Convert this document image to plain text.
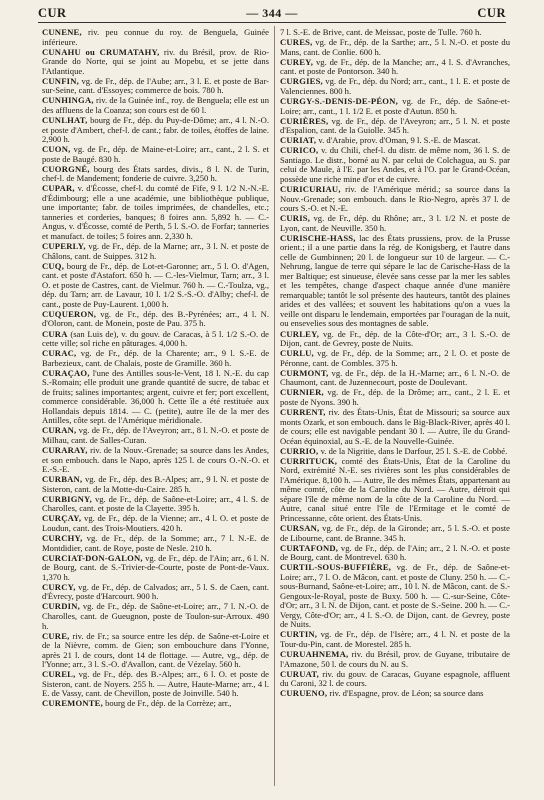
CUR	— 344 —	CUR

CUNENE, riv. peu connue du roy. de Benguela, Guinée inférieure.

CUNAHU ou CRUMATAHY, riv. du Brésil, prov. de Rio-Grande do Norte, qui se joint au Mopebu, et se jette dans l'Atlantique.

CUNFIN, vg. de Fr., dép. de l'Aube; arr., 3 l. E. et poste de Bar-sur-Seine, cant. d'Essoyes; commerce de bois. 780 h.

CUNHINGA, riv. de la Guinée inf., roy. de Benguela; elle est un des affluens de la Coanza; son cours est de 60 l.

CUNLHAT, bourg de Fr., dép. du Puy-de-Dôme; arr., 4 l. N.-O. et poste d'Ambert, chef-l. de cant.; fabr. de toiles, étoffes de laine. 2,900 h.

CUON, vg. de Fr., dép. de Maine-et-Loire; arr., cant., 2 l. S. et poste de Baugé. 830 h.

CUORGNÉ, bourg des États sardes, divis., 8 l. N. de Turin, chef-l. de Mandement; fonderie de cuivre. 3,250 h.

CUPAR, v. d'Écosse, chef-l. du comté de Fife, 9 l. 1/2 N.-N.-E. d'Édimbourg; elle a une académie, une bibliothèque publique, une importante; fabr. de toiles imprimées, de chandelles, etc.; tanneries et corderies, banques; 8 foires ann. 5,892 h. — C.-Angus, v. d'Écosse, comté de Perth, 5 l. S.-O. de Forfar; tanneries et manufact. de toiles; 5 foires ann. 2,330 h.

CUPERLY, vg. de Fr., dép. de la Marne; arr., 3 l. N. et poste de Châlons, cant. de Suippes. 312 h.

CUQ, bourg de Fr., dép. de Lot-et-Garonne; arr., 5 l. O. d'Agen, cant. et poste d'Astafort. 650 h. — C.-les-Vielmur, Tarn; arr., 3 l. O. et poste de Castres, cant. de Vielmur. 760 h. — C.-Toulza, vg., dép. du Tarn; arr. de Lavaur, 10 l. 1/2 S.-S.-O. d'Alby; chef-l. de cant., poste de Puy-Laurent. 1,000 h.

CUQUERON, vg. de Fr., dép. des B.-Pyrénées; arr., 4 l. N. d'Oloron, cant. de Monein, poste de Pau. 375 h.

CURA (san Luis de), v. du gouv. de Caracas, à 5 l. 1/2 S.-O. de cette ville; sol riche en pâturages. 4,000 h.

CURAC, vg. de Fr., dép. de la Charente; arr., 9 l. S.-E. de Barbezieux, cant. de Chalais, poste de Gramille. 360 h.

CURAÇAO, l'une des Antilles sous-le-Vent, 18 l. N.-E. du cap S.-Romain; elle produit une grande quantité de sucre, de tabac et de fruits; salines importantes; argent, cuivre et fer; port excellent, commerce considérable. 36,000 h. Cette île a été restituée aux Hollandais depuis 1814. — C. (petite), autre île de la mer des Antilles, côte sept. de l'Amérique méridionale.

CURAN, vg. de Fr., dép. de l'Aveyron; arr., 8 l. N.-O. et poste de Milhau, cant. de Salles-Curan.

CURARAY, riv. de la Nouv.-Grenade; sa source dans les Andes, et son embouch. dans le Napo, après 125 l. de cours O.-N.-O. et E.-S.-E.

CURBAN, vg. de Fr., dép. des B.-Alpes; arr., 9 l. N. et poste de Sisteron, cant. de la Motte-du-Caire. 285 h.

CURBIGNY, vg. de Fr., dép. de Saône-et-Loire; arr., 4 l. S. de Charolles, cant. et poste de la Clayette. 395 h.

CURÇAY, vg. de Fr., dép. de la Vienne; arr., 4 l. O. et poste de Loudun, cant. des Trois-Moutiers. 420 h.

CURCHY, vg. de Fr., dép. de la Somme; arr., 7 l. N.-E. de Montdidier, cant. de Roye, poste de Nesle. 210 h.

CURCIAT-DON-GALON, vg. de Fr., dép. de l'Ain; arr., 6 l. N. de Bourg, cant. de S.-Trivier-de-Courte, poste de Pont-de-Vaux. 1,370 h.

CURCY, vg. de Fr., dép. de Calvados; arr., 5 l. S. de Caen, cant. d'Évrecy, poste d'Harcourt. 900 h.

CURDIN, vg. de Fr., dép. de Saône-et-Loire; arr., 7 l. N.-O. de Charolles, cant. de Gueugnon, poste de Toulon-sur-Arroux. 490 h.

CURE, riv. de Fr.; sa source entre les dép. de Saône-et-Loire et de la Nièvre, comm. de Gien; son embouchure dans l'Yonne, après 21 l. de cours, dont 14 de flottage. — Autre, vg., dép. de l'Yonne; arr., 3 l. S.-O. d'Avallon, cant. de Vézelay. 560 h.

CUREL, vg. de Fr., dép. des B.-Alpes; arr., 6 l. O. et poste de Sisteron, cant. de Noyers. 255 h. — Autre, Haute-Marne; arr., 4 l. E. de Vassy, cant. de Chevillon, poste de Joinville. 540 h.

CUREMONTE, bourg de Fr., dép. de la Corrèze; arr.,

7 l. S.-E. de Brive, cant. de Meissac, poste de Tulle. 760 h.

CURES, vg. de Fr., dép. de la Sarthe; arr., 5 l. N.-O. et poste du Mans, cant. de Conlie. 600 h.

CUREY, vg. de Fr., dép. de la Manche; arr., 4 l. S. d'Avranches, cant. et poste de Pontorson. 340 h.

CURGIES, vg. de Fr., dép. du Nord; arr., cant., 1 l. E. et poste de Valenciennes. 800 h.

CURGY-S.-DENIS-DE-PÉON, vg. de Fr., dép. de Saône-et-Loire; arr., cant., 1 l. 1/2 E. et poste d'Autun. 850 h.

CURIÈRES, vg. de Fr., dép. de l'Aveyron; arr., 5 l. N. et poste d'Espalion, cant. de la Guiolle. 345 h.

CURIAT, v. d'Arabie, prov. d'Oman, 9 l. S.-E. de Mascat.

CURICO, v. du Chili, chef-l. du distr. de même nom, 36 l. S. de Santiago. Le distr., borné au N. par celui de Colchagua, au S. par celui de Maule, à l'E. par les Andes, et à l'O. par le Grand-Océan, possède une riche mine d'or et de cuivre.

CURICURIAU, riv. de l'Amérique mérid.; sa source dans la Nouv.-Grenade; son embouch. dans le Rio-Negro, après 37 l. de cours S.-O. et N.-E.

CURIS, vg. de Fr., dép. du Rhône; arr., 3 l. 1/2 N. et poste de Lyon, cant. de Neuville. 350 h.

CURISCHE-HASS, lac des États prussiens, prov. de la Prusse orient.; il a une partie dans la rég. de Konigsberg, et l'autre dans celle de Gumbinnen; 20 l. de longueur sur 10 de largeur. — C.-Nehrung, langue de terre qui sépare le lac de Carische-Hass de la mer Baltique; est sinueuse, élevée sans cesse par la mer les sables et les tempêtes, change d'aspect chaque année d'une manière remarquable; tantôt le sol présente des hauteurs, tantôt des plaines arides et des vallées; et souvent les habitations qu'on a vues la veille ont disparu le lendemain, emportées par l'ouragan de la nuit, ou ensevelies sous des montagnes de sable.

CURLEY, vg. de Fr., dép. de la Côte-d'Or; arr., 3 l. S.-O. de Dijon, cant. de Gevrey, poste de Nuits.

CURLU, vg. de Fr., dép. de la Somme; arr., 2 l. O. et poste de Péronne, cant. de Combles. 375 h.

CURMONT, vg. de Fr., dép. de la H.-Marne; arr., 6 l. N.-O. de Chaumont, cant. de Juzennecourt, poste de Doulevant.

CURNIER, vg. de Fr., dép. de la Drôme; arr., cant., 2 l. E. et poste de Nyons. 390 h.

CURRENT, riv. des États-Unis, État de Missouri; sa source aux monts Ozark, et son embouch. dans le Big-Black-River, après 40 l. de cours; elle est navigable pendant 30 l. — Autre, île du Grand-Océan équinoxial, au S.-E. de la Nouvelle-Guinée.

CURRIO, v. de la Nigritie, dans le Darfour, 25 l. S.-E. de Cobbé.

CURRITUCK, comté des États-Unis, État de la Caroline du Nord, extrémité N.-E. ses rivières sont les plus considérables de l'Amérique. 8,100 h. — Autre, île des mêmes États, appartenant au même comté, côte de la Caroline du Nord. — Autre, détroit qui sépare l'île de même nom de la côte de la Caroline du Nord. — Autre, canal situé entre l'île de l'Ermitage et le comté de Princessanne, côte orient. des États-Unis.

CURSAN, vg. de Fr., dép. de la Gironde; arr., 5 l. S.-O. et poste de Libourne, cant. de Branne. 345 h.

CURTAFOND, vg. de Fr., dép. de l'Ain; arr., 2 l. N.-O. et poste de Bourg, cant. de Montrevel. 630 h.

CURTIL-SOUS-BUFFIÈRE, vg. de Fr., dép. de Saône-et-Loire; arr., 7 l. O. de Mâcon, cant. et poste de Cluny. 250 h. — C.-sous-Burnand, Saône-et-Loire; arr., 10 l. N. de Mâcon, cant. de S.-Gengoux-le-Royal, poste de Buxy. 500 h. — C.-sur-Seine, Côte-d'Or; arr., 3 l. N. de Dijon, cant. et poste de S.-Seine. 200 h. — C.-Vergy, Côte-d'Or; arr., 4 l. S.-O. de Dijon, cant. de Gevrey, poste de Nuits.

CURTIN, vg. de Fr., dép. de l'Isère; arr., 4 l. N. et poste de la Tour-du-Pin, cant. de Morestel. 285 h.

CURUAHNEMA, riv. du Brésil, prov. de Guyane, tributaire de l'Amazone, 50 l. de cours du N. au S.

CURUAT, riv. du gouv. de Caracas, Guyane espagnole, affluent du Caroni, 32 l. de cours.

CURUENO, riv. d'Espagne, prov. de Léon; sa source dans
